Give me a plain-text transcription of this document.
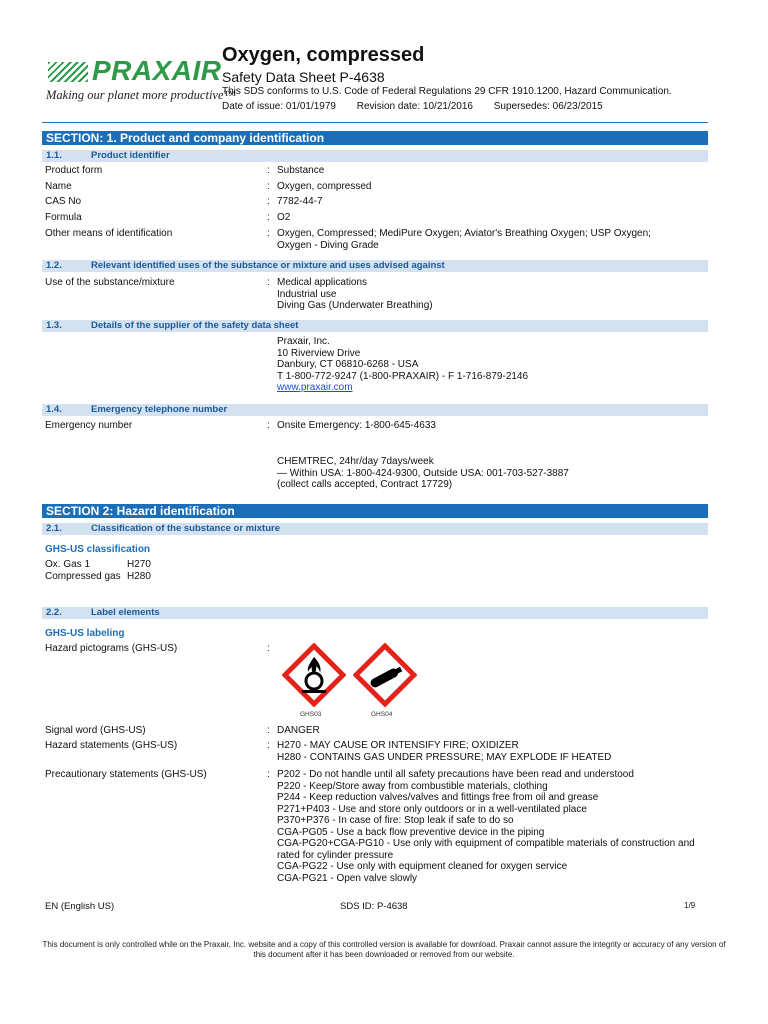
PRAXAIR
Making our planet more productive™
Oxygen, compressed
Safety Data Sheet P-4638
This SDS conforms to U.S. Code of Federal Regulations 29 CFR 1910.1200, Hazard Communication.
Date of issue: 01/01/1979 Revision date: 10/21/2016 Supersedes: 06/23/2015
SECTION: 1. Product and company identification
1.1.	Product identifier
Product form	: Substance
Name	: Oxygen, compressed
CAS No	: 7782-44-7
Formula	: O2
Other means of identification	: Oxygen, Compressed; MediPure Oxygen; Aviator's Breathing Oxygen; USP Oxygen;
Oxygen - Diving Grade
1.2.	Relevant identified uses of the substance or mixture and uses advised against
Use of the substance/mixture	: Medical applications
Industrial use
Diving Gas (Underwater Breathing)
1.3.	Details of the supplier of the safety data sheet
Praxair, Inc.
10 Riverview Drive
Danbury, CT 06810-6268 - USA
T 1-800-772-9247 (1-800-PRAXAIR) - F 1-716-879-2146
www.praxair.com
1.4.	Emergency telephone number
Emergency number	: Onsite Emergency: 1-800-645-4633
CHEMTREC, 24hr/day 7days/week
— Within USA: 1-800-424-9300, Outside USA: 001-703-527-3887
(collect calls accepted, Contract 17729)
SECTION 2: Hazard identification
2.1.	Classification of the substance or mixture
GHS-US classification
Ox. Gas 1	H270
Compressed gas H280
2.2.	Label elements
GHS-US labeling
Hazard pictograms (GHS-US)	:
GHS03	GHS04
Signal word (GHS-US)	: DANGER
Hazard statements (GHS-US)	: H270 - MAY CAUSE OR INTENSIFY FIRE; OXIDIZER
H280 - CONTAINS GAS UNDER PRESSURE; MAY EXPLODE IF HEATED
Precautionary statements (GHS-US)	: P202 - Do not handle until all safety precautions have been read and understood
P220 - Keep/Store away from combustible materials, clothing
P244 - Keep reduction valves/valves and fittings free from oil and grease
P271+P403 - Use and store only outdoors or in a well-ventilated place
P370+P376 - In case of fire: Stop leak if safe to do so
CGA-PG05 - Use a back flow preventive device in the piping
CGA-PG20+CGA-PG10 - Use only with equipment of compatible materials of construction and
rated for cylinder pressure
CGA-PG22 - Use only with equipment cleaned for oxygen service
CGA-PG21 - Open valve slowly
EN (English US)	SDS ID: P-4638	1/9
This document is only controlled while on the Praxair, Inc. website and a copy of this controlled version is available for download. Praxair cannot assure the integrity or accuracy of any version of this document after it has been downloaded or removed from our website.
